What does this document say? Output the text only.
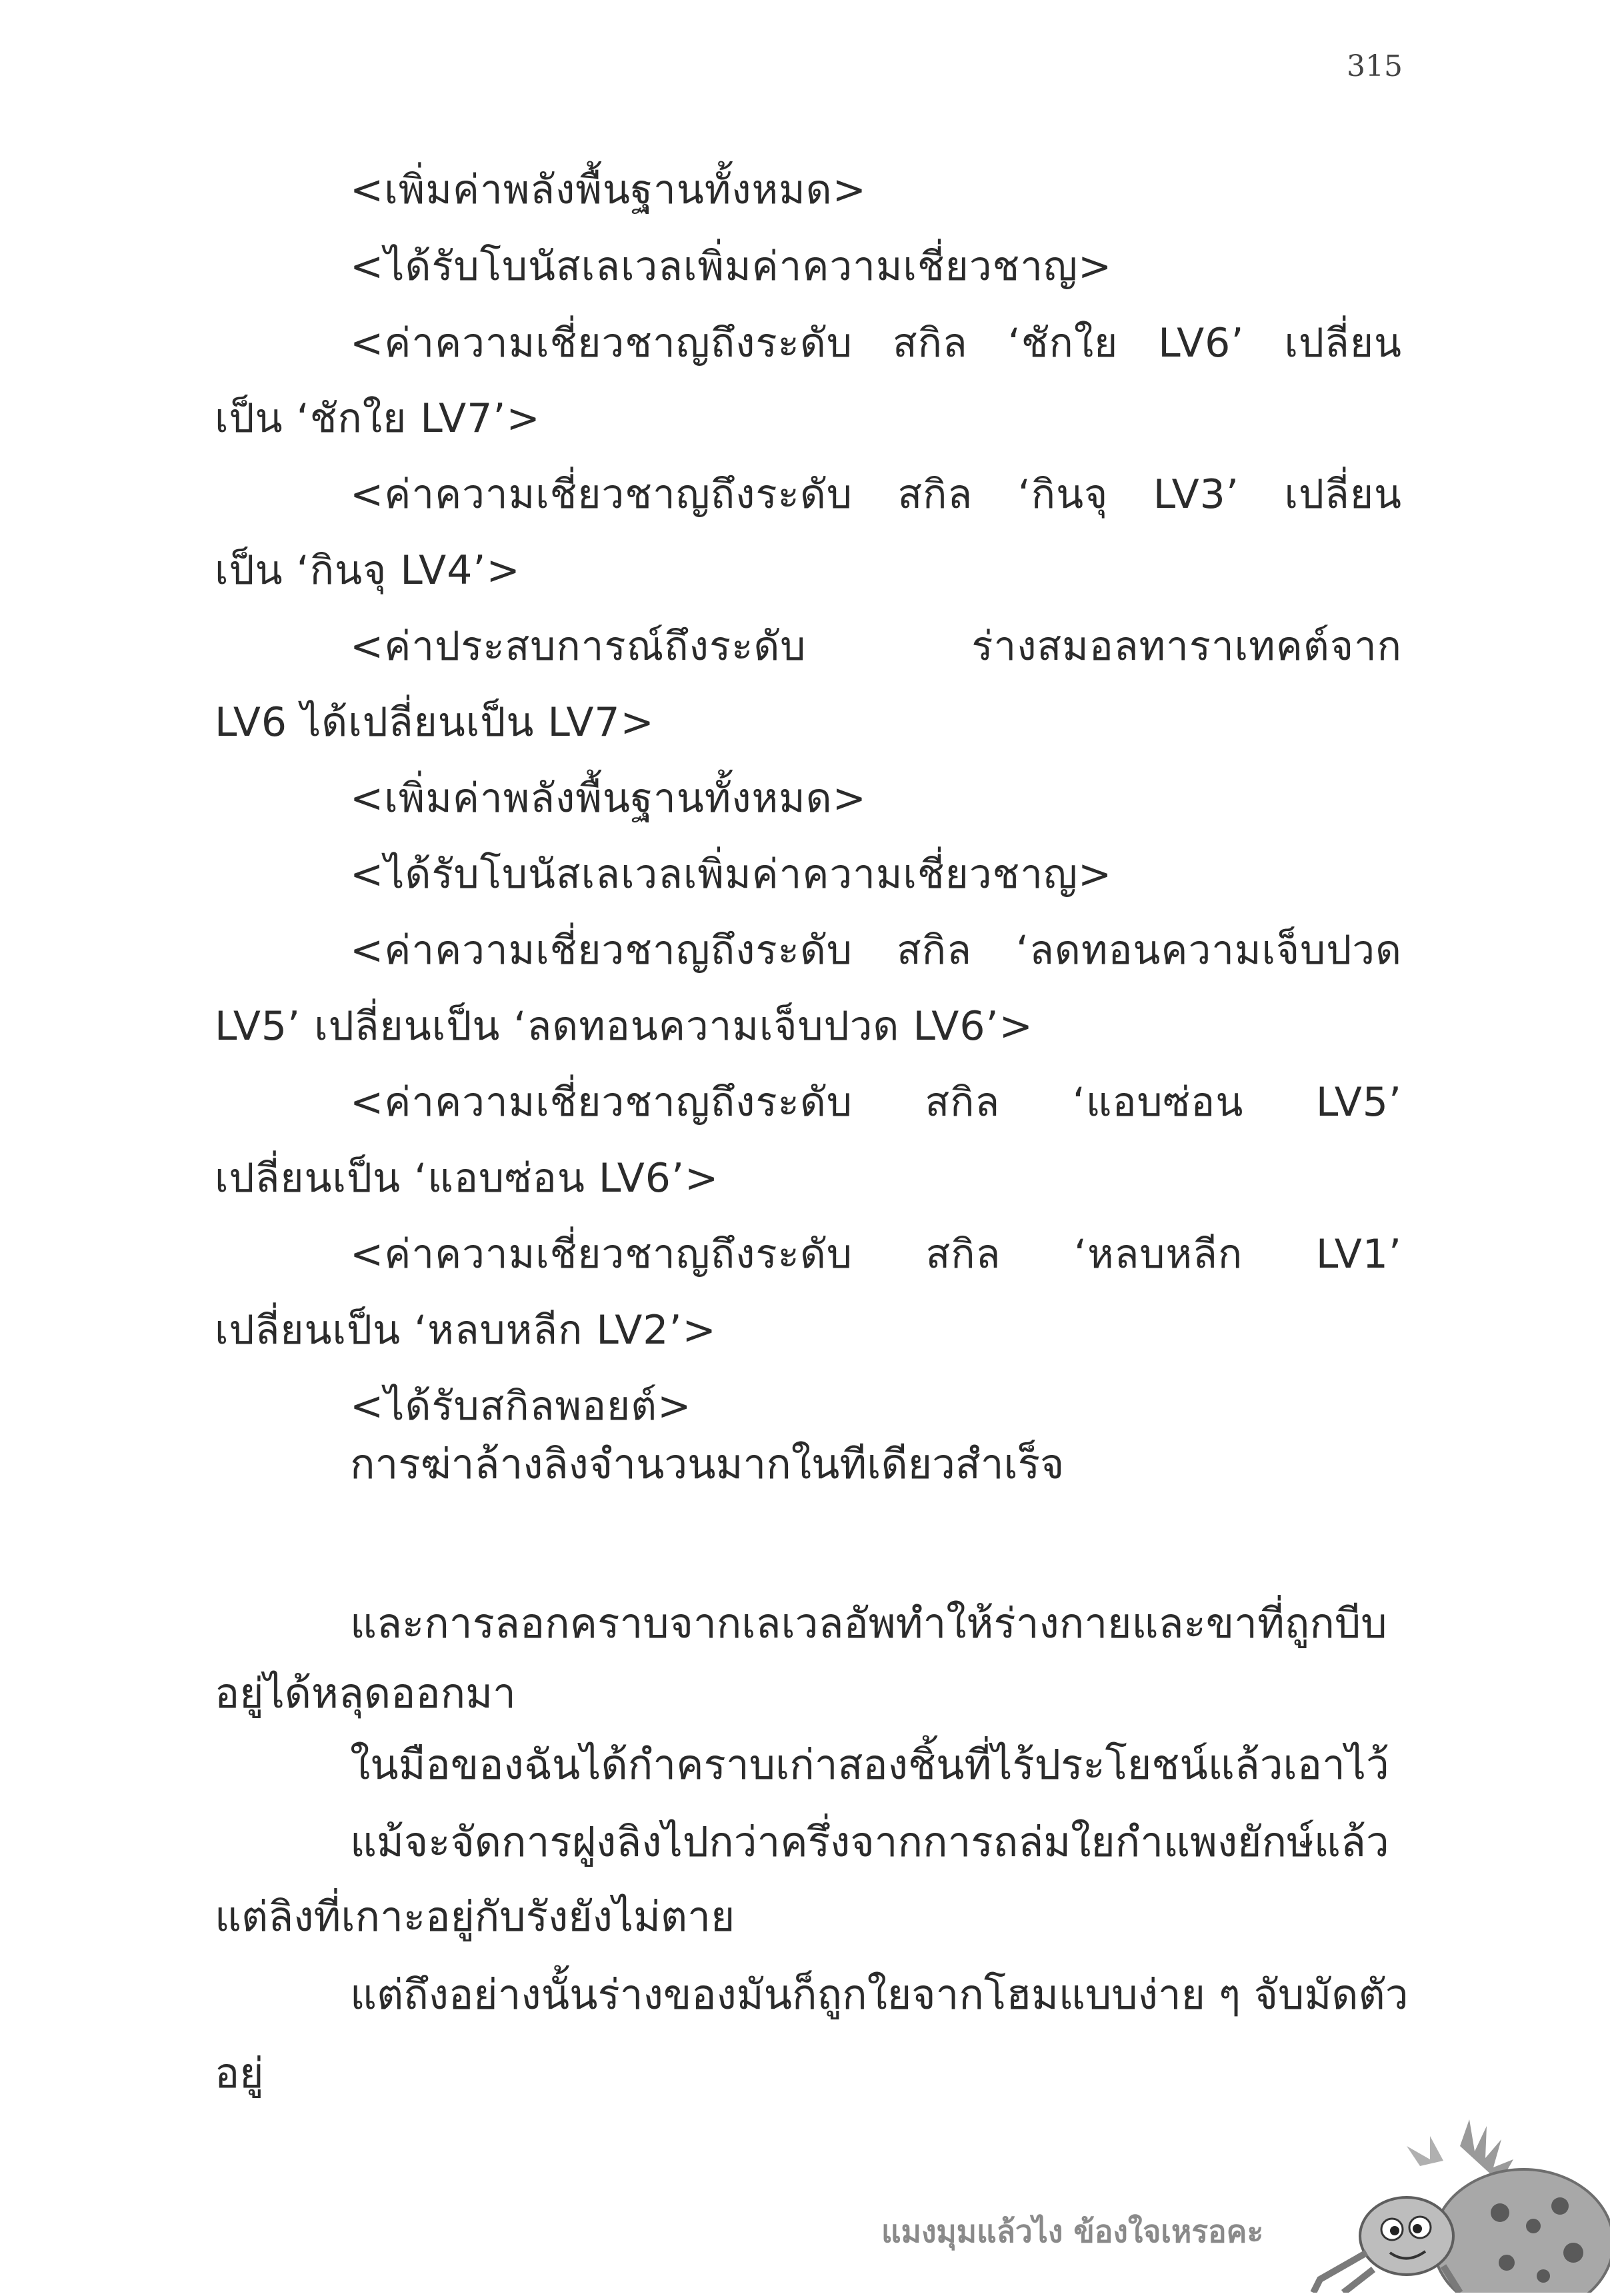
315
<เพิ่มค่าพลังพื้นฐานทั้งหมด>
<ได้รับโบนัสเลเวลเพิ่มค่าความเชี่ยวชาญ>
<ค่าความเชี่ยวชาญถึงระดับ สกิล ‘ชักใย LV6’ เปลี่ยน
เป็น ‘ชักใย LV7’>
<ค่าความเชี่ยวชาญถึงระดับ สกิล ‘กินจุ LV3’ เปลี่ยน
เป็น ‘กินจุ LV4’>
<ค่าประสบการณ์ถึงระดับ ร่างสมอลทาราเทคต์จาก
LV6 ได้เปลี่ยนเป็น LV7>
<เพิ่มค่าพลังพื้นฐานทั้งหมด>
<ได้รับโบนัสเลเวลเพิ่มค่าความเชี่ยวชาญ>
<ค่าความเชี่ยวชาญถึงระดับ สกิล ‘ลดทอนความเจ็บปวด
LV5’ เปลี่ยนเป็น ‘ลดทอนความเจ็บปวด LV6’>
<ค่าความเชี่ยวชาญถึงระดับ สกิล ‘แอบซ่อน LV5’
เปลี่ยนเป็น ‘แอบซ่อน LV6’>
<ค่าความเชี่ยวชาญถึงระดับ สกิล ‘หลบหลีก LV1’
เปลี่ยนเป็น ‘หลบหลีก LV2’>
<ได้รับสกิลพอยต์>
การฆ่าล้างลิงจำนวนมากในทีเดียวสำเร็จ
และการลอกคราบจากเลเวลอัพทำให้ร่างกายและขาที่ถูกบีบ
อยู่ได้หลุดออกมา
ในมือของฉันได้กำคราบเก่าสองชิ้นที่ไร้ประโยชน์แล้วเอาไว้
แม้จะจัดการฝูงลิงไปกว่าครึ่งจากการถล่มใยกำแพงยักษ์แล้ว
แต่ลิงที่เกาะอยู่กับรังยังไม่ตาย
แต่ถึงอย่างนั้นร่างของมันก็ถูกใยจากโฮมแบบง่าย ๆ จับมัดตัว
อยู่
แมงมุมแล้วไง ข้องใจเหรอคะ
